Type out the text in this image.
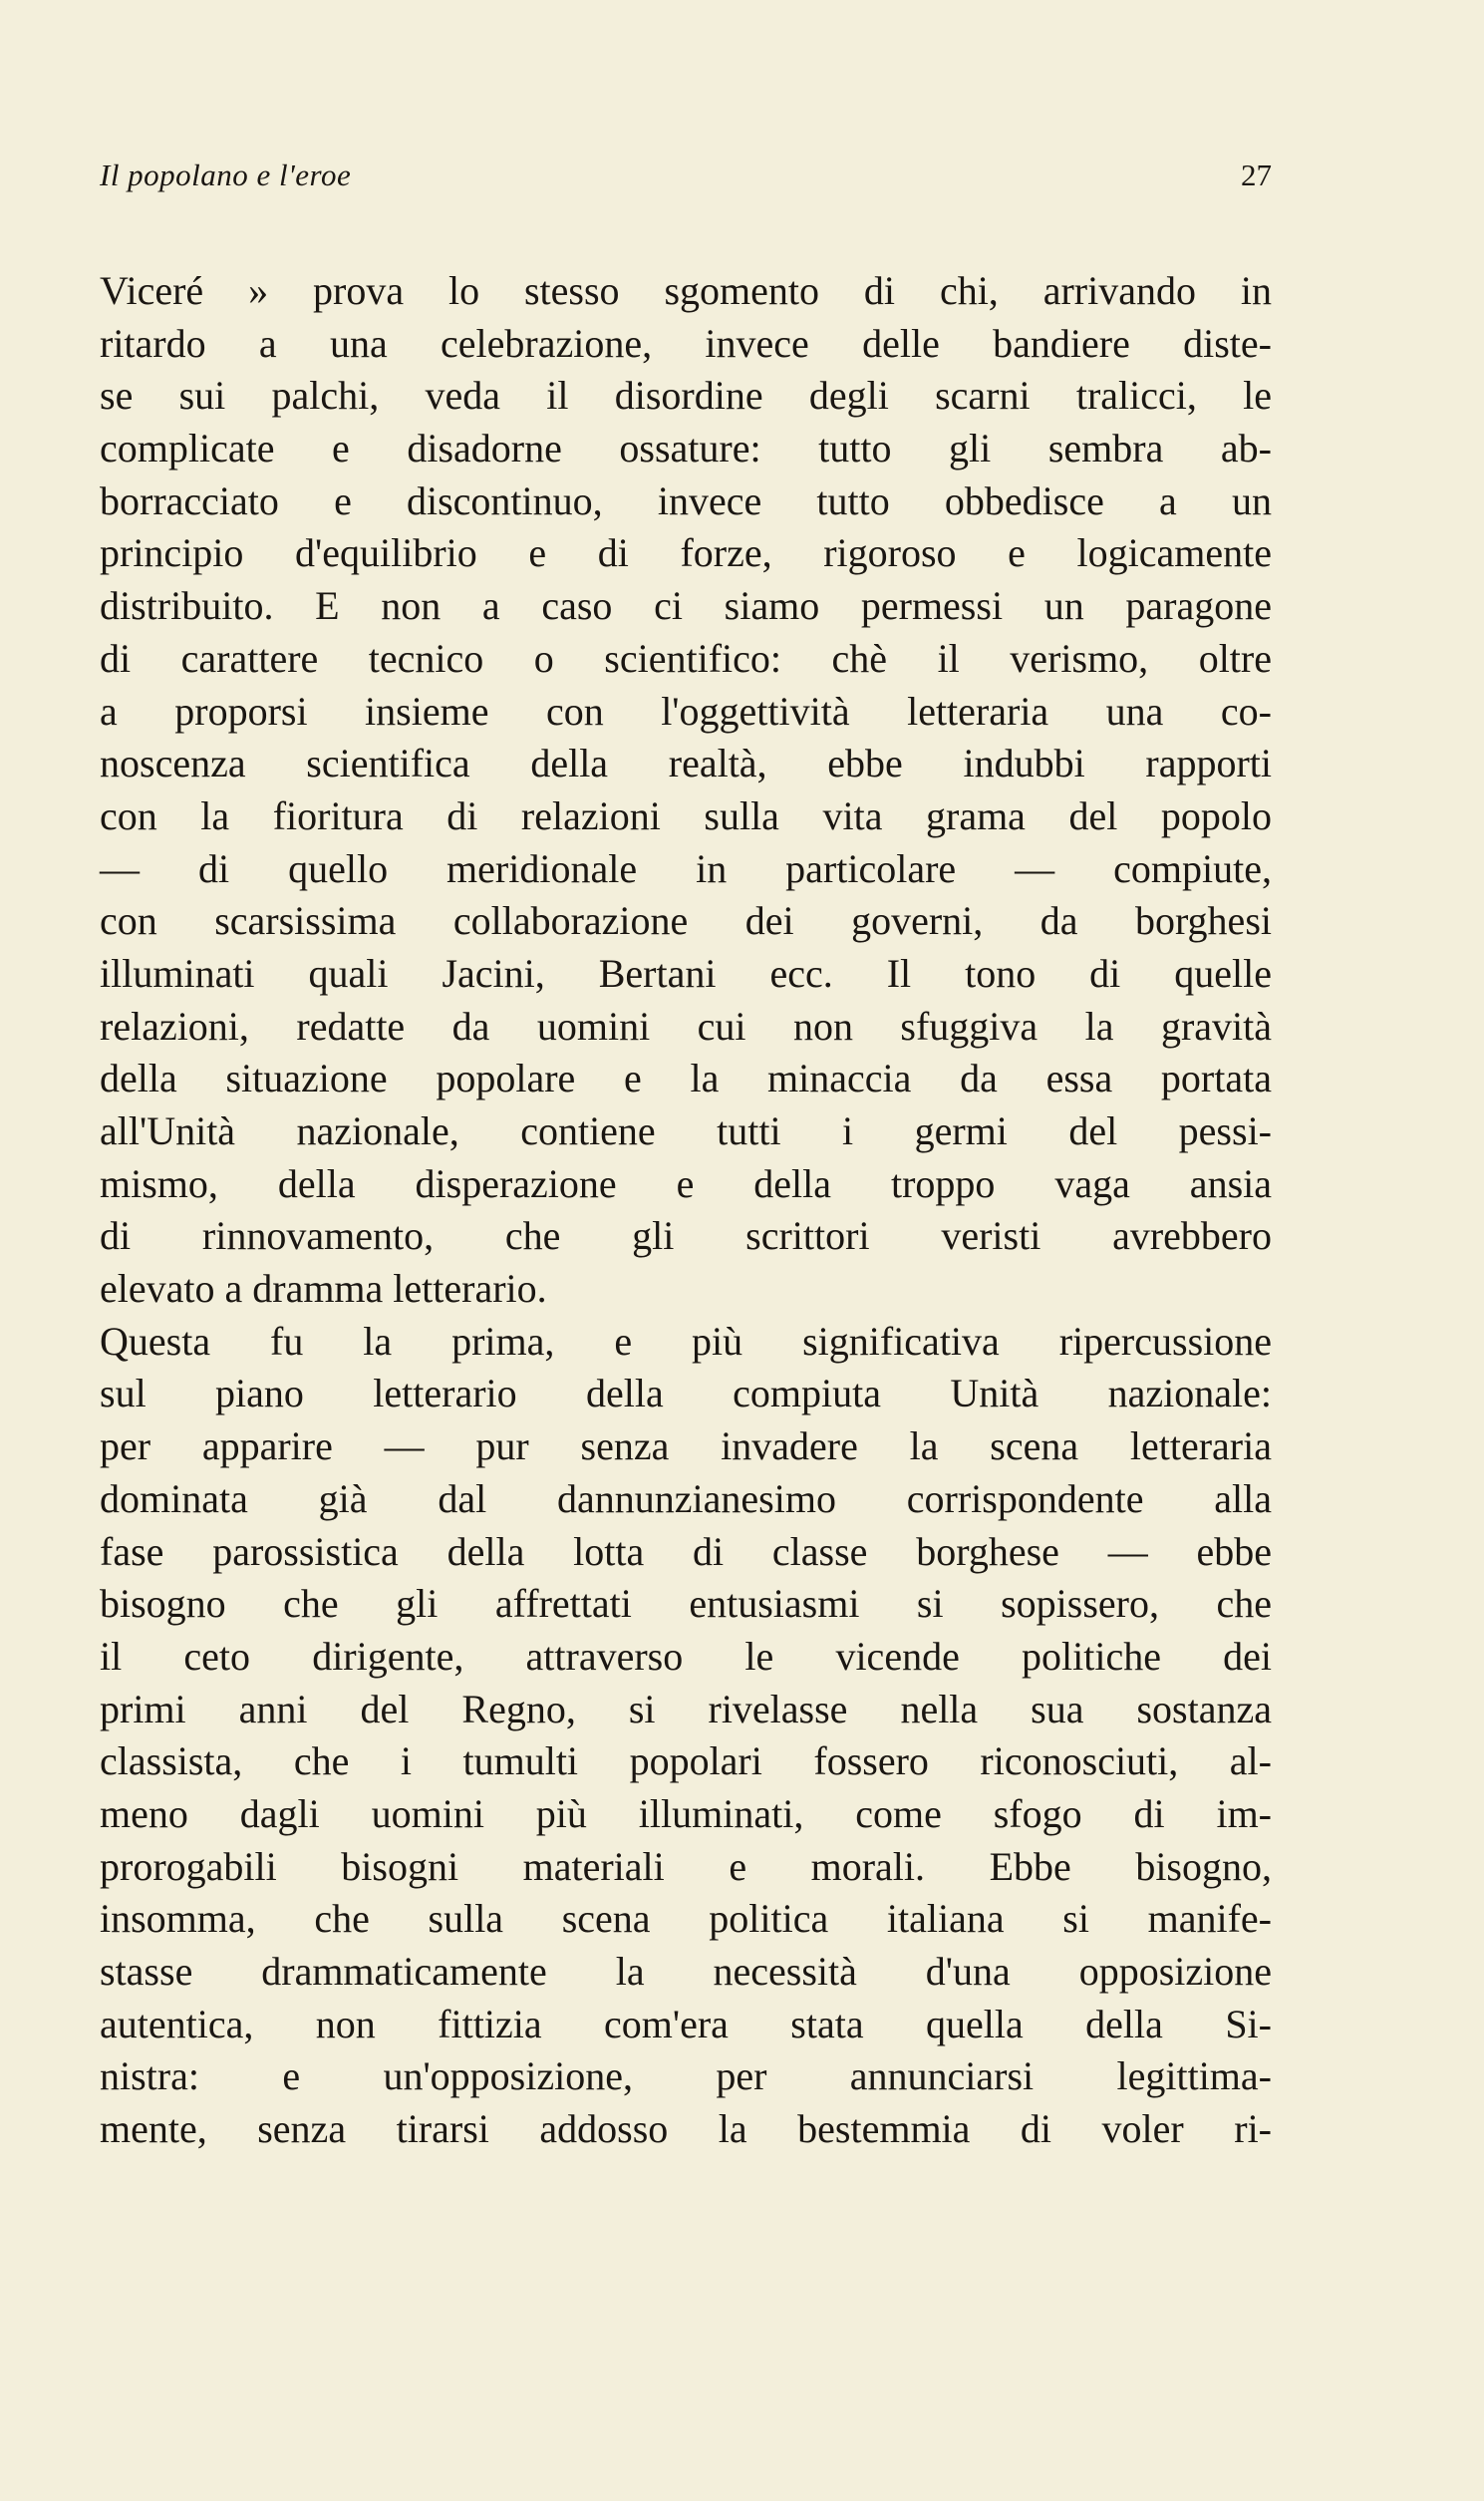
Il popolano e l'eroe	27
Viceré » prova lo stesso sgomento di chi, arrivando in
ritardo a una celebrazione, invece delle bandiere diste-
se sui palchi, veda il disordine degli scarni tralicci, le
complicate e disadorne ossature: tutto gli sembra ab-
borracciato e discontinuo, invece tutto obbedisce a un
principio d'equilibrio e di forze, rigoroso e logicamente
distribuito. E non a caso ci siamo permessi un paragone
di carattere tecnico o scientifico: chè il verismo, oltre
a proporsi insieme con l'oggettività letteraria una co-
noscenza scientifica della realtà, ebbe indubbi rapporti
con la fioritura di relazioni sulla vita grama del popolo
— di quello meridionale in particolare — compiute,
con scarsissima collaborazione dei governi, da borghesi
illuminati quali Jacini, Bertani ecc. Il tono di quelle
relazioni, redatte da uomini cui non sfuggiva la gravità
della situazione popolare e la minaccia da essa portata
all'Unità nazionale, contiene tutti i germi del pessi-
mismo, della disperazione e della troppo vaga ansia
di rinnovamento, che gli scrittori veristi avrebbero
elevato a dramma letterario.
Questa fu la prima, e più significativa ripercussione
sul piano letterario della compiuta Unità nazionale:
per apparire — pur senza invadere la scena letteraria
dominata già dal dannunzianesimo corrispondente alla
fase parossistica della lotta di classe borghese — ebbe
bisogno che gli affrettati entusiasmi si sopissero, che
il ceto dirigente, attraverso le vicende politiche dei
primi anni del Regno, si rivelasse nella sua sostanza
classista, che i tumulti popolari fossero riconosciuti, al-
meno dagli uomini più illuminati, come sfogo di im-
prorogabili bisogni materiali e morali. Ebbe bisogno,
insomma, che sulla scena politica italiana si manife-
stasse drammaticamente la necessità d'una opposizione
autentica, non fittizia com'era stata quella della Si-
nistra: e un'opposizione, per annunciarsi legittima-
mente, senza tirarsi addosso la bestemmia di voler ri-
